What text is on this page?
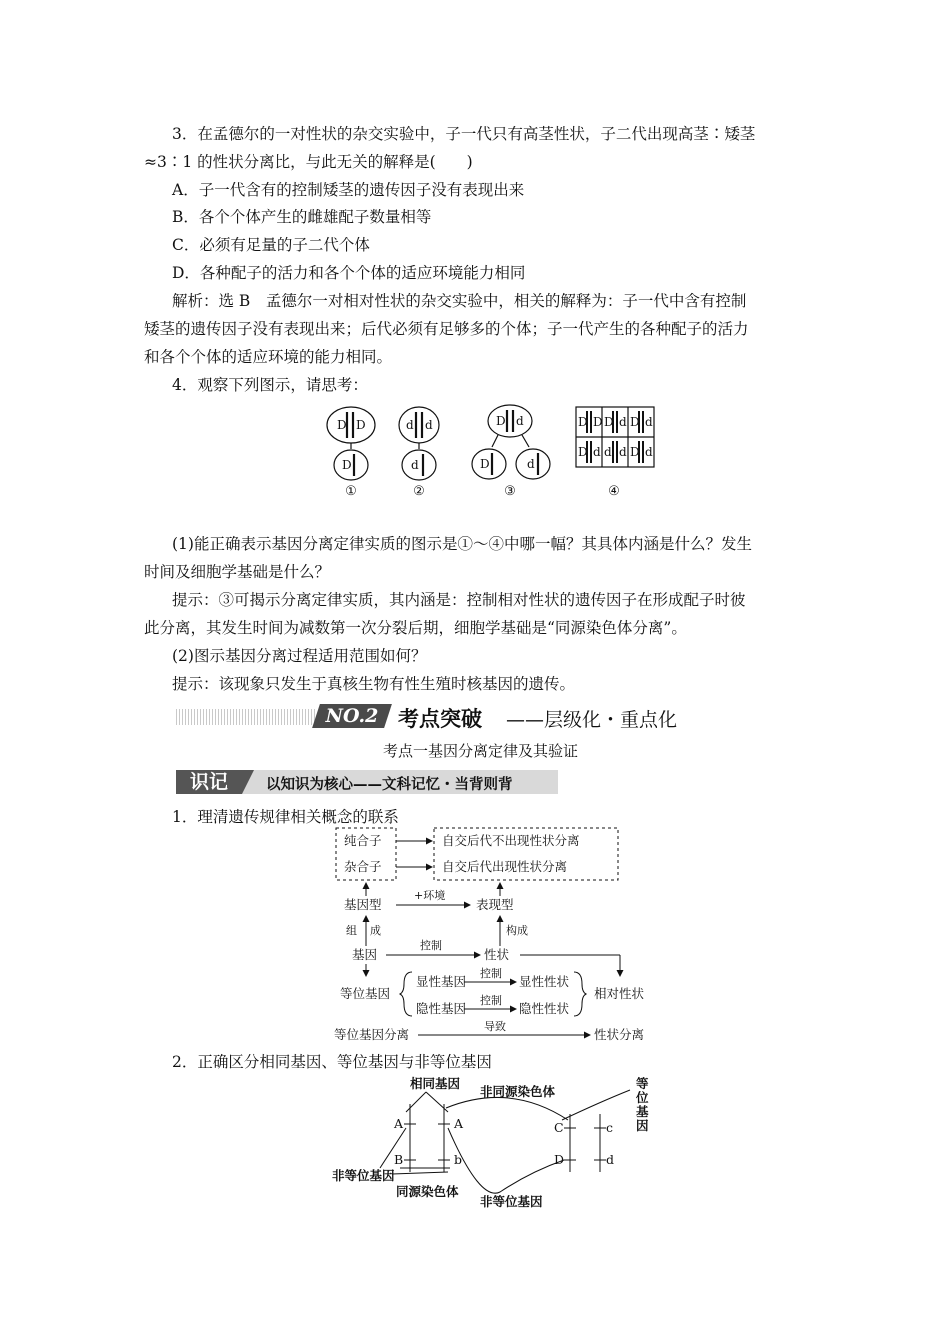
3．在孟德尔的一对性状的杂交实验中，子一代只有高茎性状，子二代出现高茎∶矮茎
≈3∶1 的性状分离比，与此无关的解释是(　　)
A．子一代含有的控制矮茎的遗传因子没有表现出来
B．各个个体产生的雌雄配子数量相等
C．必须有足量的子二代个体
D．各种配子的活力和各个个体的适应环境能力相同
解析：选 B　孟德尔一对相对性状的杂交实验中，相关的解释为：子一代中含有控制
矮茎的遗传因子没有表现出来；后代必须有足够多的个体；子一代产生的各种配子的活力
和各个个体的适应环境的能力相同。
4．观察下列图示，请思考：
D D
D
d d
d
D d
D	d
D D D d D d
D d d d D d
①	②	③	④
(1)能正确表示基因分离定律实质的图示是①～④中哪一幅？其具体内涵是什么？发生
时间及细胞学基础是什么？
提示：③可揭示分离定律实质，其内涵是：控制相对性状的遗传因子在形成配子时彼
此分离，其发生时间为减数第一次分裂后期，细胞学基础是“同源染色体分离”。
(2)图示基因分离过程适用范围如何？
提示：该现象只发生于真核生物有性生殖时核基因的遗传。
NO.2 考点突破 ——层级化・重点化
考点一基因分离定律及其验证
识记	以知识为核心——文科记忆・当背则背
1．理清遗传规律相关概念的联系
纯合子
杂合子
自交后代不出现性状分离
自交后代出现性状分离
基因型
+环境
表现型
组 成	构成
基因
控制
性状
等位基因
显性基因
控制
显性性状
隐性基因
控制
隐性性状
相对性状
等位基因分离
导致
性状分离
2．正确区分相同基因、等位基因与非等位基因
相同基因
非同源染色体
等
位
基
因
A	A
B	b
C	c
D	d
非等位基因
同源染色体
非等位基因
